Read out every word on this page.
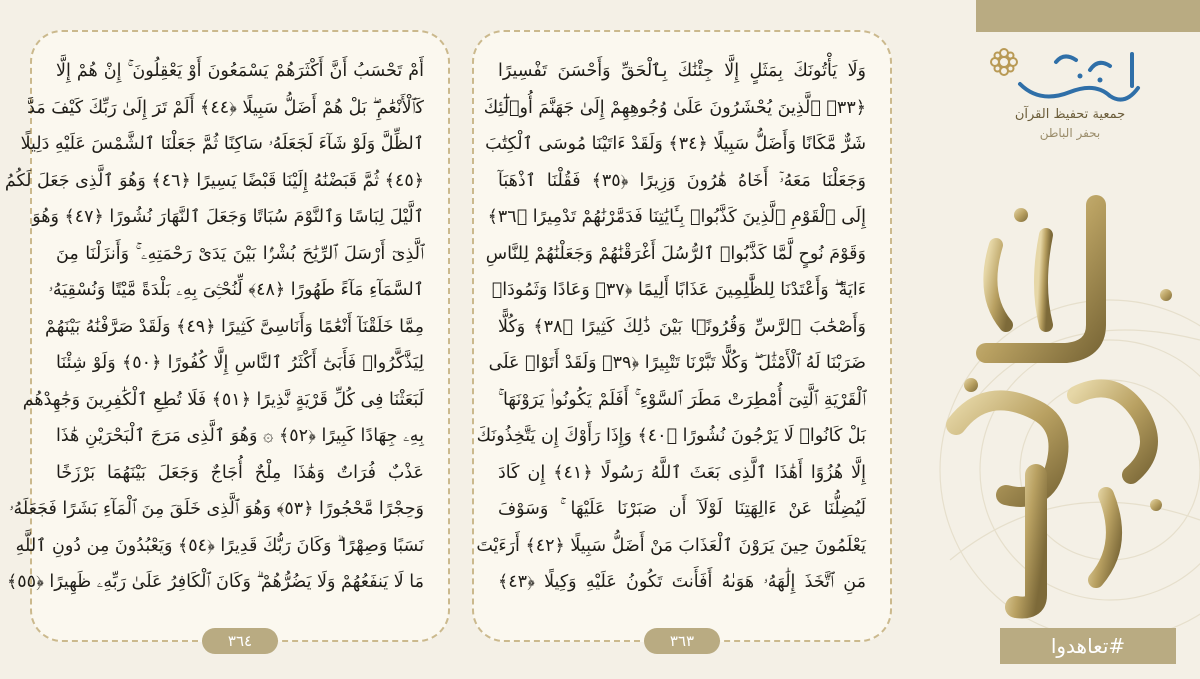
أَمْ تَحْسَبُ أَنَّ أَكْثَرَهُمْ يَسْمَعُونَ أَوْ يَعْقِلُونَ ۚ إِنْ هُمْ إِلَّا
كَٱلْأَنْعَٰمِ ۖ بَلْ هُمْ أَضَلُّ سَبِيلًا ﴿٤٤﴾ أَلَمْ تَرَ إِلَىٰ رَبِّكَ كَيْفَ مَدَّ
ٱلظِّلَّ وَلَوْ شَآءَ لَجَعَلَهُۥ سَاكِنًا ثُمَّ جَعَلْنَا ٱلشَّمْسَ عَلَيْهِ دَلِيلًا
﴿٤٥﴾ ثُمَّ قَبَضْنَٰهُ إِلَيْنَا قَبْضًا يَسِيرًا ﴿٤٦﴾ وَهُوَ ٱلَّذِى جَعَلَ لَكُمُ
ٱلَّيْلَ لِبَاسًا وَٱلنَّوْمَ سُبَاتًا وَجَعَلَ ٱلنَّهَارَ نُشُورًا ﴿٤٧﴾ وَهُوَ
ٱلَّذِىٓ أَرْسَلَ ٱلرِّيَٰحَ بُشْرًۢا بَيْنَ يَدَىْ رَحْمَتِهِۦ ۚ وَأَنزَلْنَا مِنَ
ٱلسَّمَآءِ مَآءً طَهُورًا ﴿٤٨﴾ لِّنُحْـِۧىَ بِهِۦ بَلْدَةً مَّيْتًا وَنُسْقِيَهُۥ
مِمَّا خَلَقْنَآ أَنْعَٰمًا وَأَنَاسِىَّ كَثِيرًا ﴿٤٩﴾ وَلَقَدْ صَرَّفْنَٰهُ بَيْنَهُمْ
لِيَذَّكَّرُوا۟ فَأَبَىٰٓ أَكْثَرُ ٱلنَّاسِ إِلَّا كُفُورًا ﴿٥٠﴾ وَلَوْ شِئْنَا
لَبَعَثْنَا فِى كُلِّ قَرْيَةٍ نَّذِيرًا ﴿٥١﴾ فَلَا تُطِعِ ٱلْكَٰفِرِينَ وَجَٰهِدْهُم
بِهِۦ جِهَادًا كَبِيرًا ﴿٥٢﴾ ۞ وَهُوَ ٱلَّذِى مَرَجَ ٱلْبَحْرَيْنِ هَٰذَا
عَذْبٌ فُرَاتٌ وَهَٰذَا مِلْحٌ أُجَاجٌ وَجَعَلَ بَيْنَهُمَا بَرْزَخًا
وَحِجْرًا مَّحْجُورًا ﴿٥٣﴾ وَهُوَ ٱلَّذِى خَلَقَ مِنَ ٱلْمَآءِ بَشَرًا فَجَعَلَهُۥ
نَسَبًا وَصِهْرًا ۗ وَكَانَ رَبُّكَ قَدِيرًا ﴿٥٤﴾ وَيَعْبُدُونَ مِن دُونِ ٱللَّهِ
مَا لَا يَنفَعُهُمْ وَلَا يَضُرُّهُمْ ۗ وَكَانَ ٱلْكَافِرُ عَلَىٰ رَبِّهِۦ ظَهِيرًا ﴿٥٥﴾
٣٦٤
وَلَا يَأْتُونَكَ بِمَثَلٍ إِلَّا جِئْنَٰكَ بِٱلْحَقِّ وَأَحْسَنَ تَفْسِيرًا
﴿٣٣﴾ ٱلَّذِينَ يُحْشَرُونَ عَلَىٰ وُجُوهِهِمْ إِلَىٰ جَهَنَّمَ أُو۟لَٰٓئِكَ
شَرٌّ مَّكَانًا وَأَضَلُّ سَبِيلًا ﴿٣٤﴾ وَلَقَدْ ءَاتَيْنَا مُوسَى ٱلْكِتَٰبَ
وَجَعَلْنَا مَعَهُۥٓ أَخَاهُ هَٰرُونَ وَزِيرًا ﴿٣٥﴾ فَقُلْنَا ٱذْهَبَآ
إِلَى ٱلْقَوْمِ ٱلَّذِينَ كَذَّبُوا۟ بِـَٔايَٰتِنَا فَدَمَّرْنَٰهُمْ تَدْمِيرًا ﴿٣٦﴾
وَقَوْمَ نُوحٍ لَّمَّا كَذَّبُوا۟ ٱلرُّسُلَ أَغْرَقْنَٰهُمْ وَجَعَلْنَٰهُمْ لِلنَّاسِ
ءَايَةً ۖ وَأَعْتَدْنَا لِلظَّٰلِمِينَ عَذَابًا أَلِيمًا ﴿٣٧﴾ وَعَادًا وَثَمُودَا۟
وَأَصْحَٰبَ ٱلرَّسِّ وَقُرُونًۢا بَيْنَ ذَٰلِكَ كَثِيرًا ﴿٣٨﴾ وَكُلًّا
ضَرَبْنَا لَهُ ٱلْأَمْثَٰلَ ۖ وَكُلًّا تَبَّرْنَا تَتْبِيرًا ﴿٣٩﴾ وَلَقَدْ أَتَوْا۟ عَلَى
ٱلْقَرْيَةِ ٱلَّتِىٓ أُمْطِرَتْ مَطَرَ ٱلسَّوْءِ ۚ أَفَلَمْ يَكُونُوا۟ يَرَوْنَهَا ۚ
بَلْ كَانُوا۟ لَا يَرْجُونَ نُشُورًا ﴿٤٠﴾ وَإِذَا رَأَوْكَ إِن يَتَّخِذُونَكَ
إِلَّا هُزُوًا أَهَٰذَا ٱلَّذِى بَعَثَ ٱللَّهُ رَسُولًا ﴿٤١﴾ إِن كَادَ
لَيُضِلُّنَا عَنْ ءَالِهَتِنَا لَوْلَآ أَن صَبَرْنَا عَلَيْهَا ۚ وَسَوْفَ
يَعْلَمُونَ حِينَ يَرَوْنَ ٱلْعَذَابَ مَنْ أَضَلُّ سَبِيلًا ﴿٤٢﴾ أَرَءَيْتَ
مَنِ ٱتَّخَذَ إِلَٰهَهُۥ هَوَىٰهُ أَفَأَنتَ تَكُونُ عَلَيْهِ وَكِيلًا ﴿٤٣﴾
٣٦٣
جمعية تحفيظ القرآن
بحفر الباطن
#تعاهدوا
